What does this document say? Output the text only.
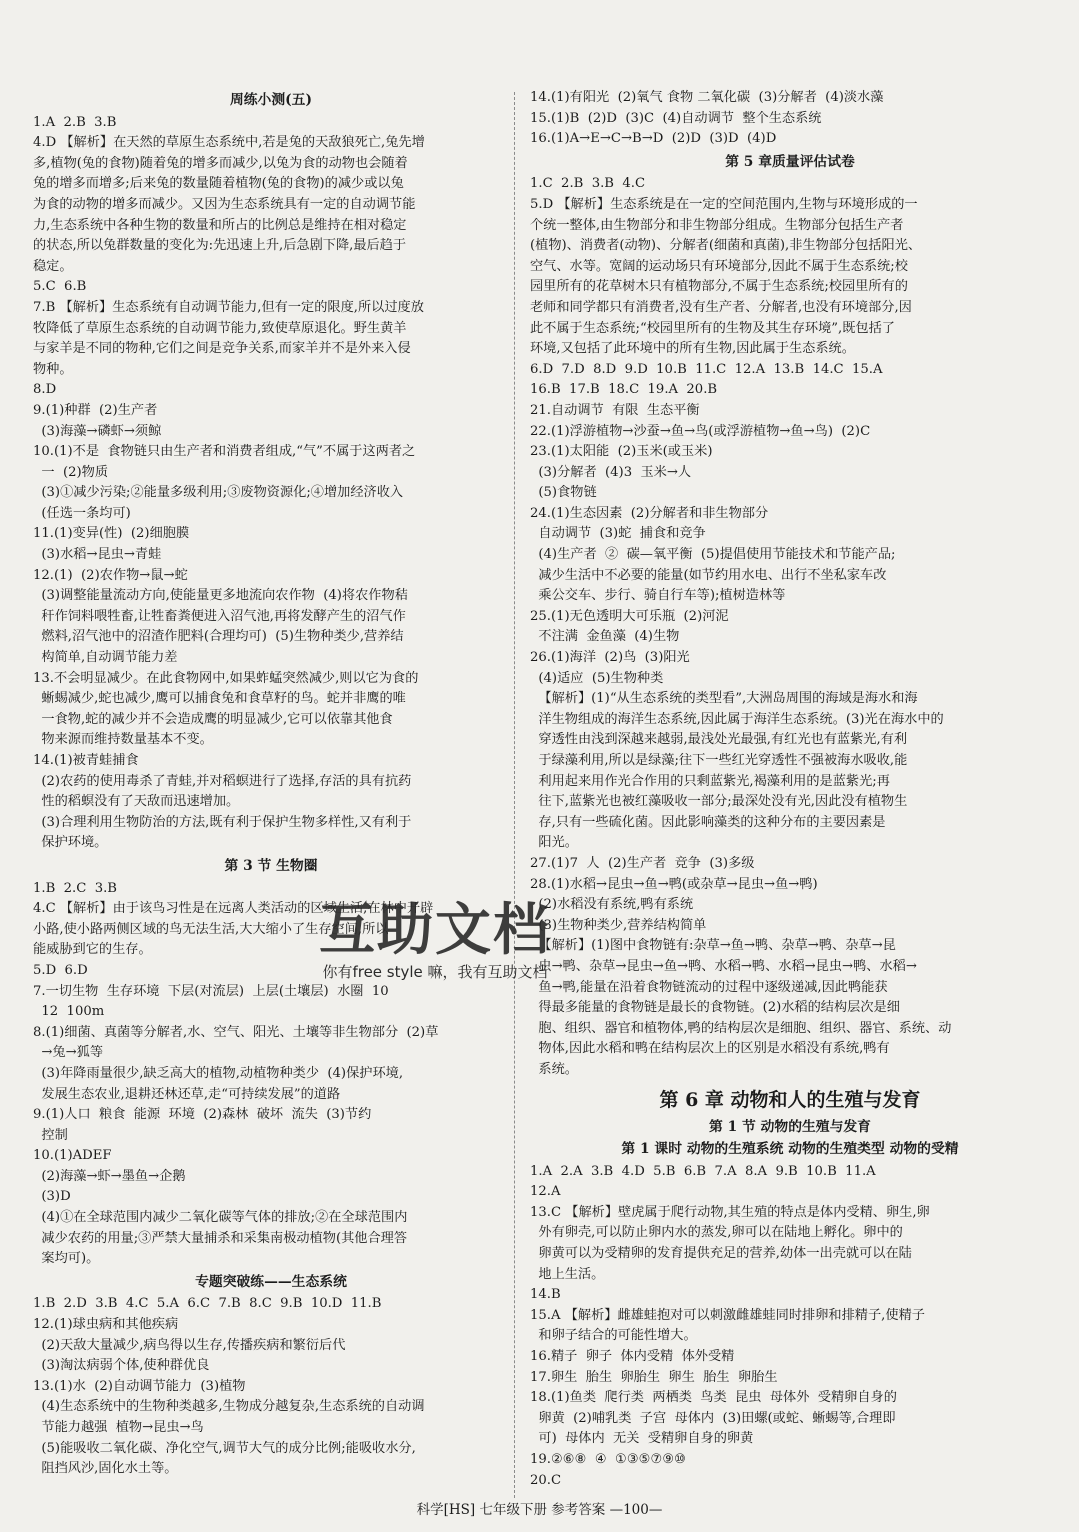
周练小测(五)
1.A  2.B  3.B
4.D 【解析】在天然的草原生态系统中,若是兔的天敌狼死亡,兔先增
多,植物(兔的食物)随着兔的增多而减少,以兔为食的动物也会随着
兔的增多而增多;后来兔的数量随着植物(兔的食物)的减少或以兔
为食的动物的增多而减少。又因为生态系统具有一定的自动调节能
力,生态系统中各种生物的数量和所占的比例总是维持在相对稳定
的状态,所以兔群数量的变化为:先迅速上升,后急剧下降,最后趋于
稳定。
5.C  6.B
7.B 【解析】生态系统有自动调节能力,但有一定的限度,所以过度放
牧降低了草原生态系统的自动调节能力,致使草原退化。野生黄羊
与家羊是不同的物种,它们之间是竞争关系,而家羊并不是外来入侵
物种。
8.D
9.(1)种群  (2)生产者
(3)海藻→磷虾→须鲸
10.(1)不是  食物链只由生产者和消费者组成,“气”不属于这两者之
一  (2)物质
(3)①减少污染;②能量多级利用;③废物资源化;④增加经济收入
(任选一条均可)
11.(1)变异(性)  (2)细胞膜
(3)水稻→昆虫→青蛙
12.(1)  (2)农作物→鼠→蛇
(3)调整能量流动方向,使能量更多地流向农作物  (4)将农作物秸
秆作饲料喂牲畜,让牲畜粪便进入沼气池,再将发酵产生的沼气作
燃料,沼气池中的沼渣作肥料(合理均可)  (5)生物种类少,营养结
构简单,自动调节能力差
13.不会明显减少。在此食物网中,如果蚱蜢突然减少,则以它为食的
蜥蜴减少,蛇也减少,鹰可以捕食兔和食草籽的鸟。蛇并非鹰的唯
一食物,蛇的减少并不会造成鹰的明显减少,它可以依靠其他食
物来源而维持数量基本不变。
14.(1)被青蛙捕食
(2)农药的使用毒杀了青蛙,并对稻螟进行了选择,存活的具有抗药
性的稻螟没有了天敌而迅速增加。
(3)合理利用生物防治的方法,既有利于保护生物多样性,又有利于
保护环境。
第 3 节 生物圈
1.B  2.C  3.B
4.C 【解析】由于该鸟习性是在远离人类活动的区域生活,在林中开辟
小路,使小路两侧区域的鸟无法生活,大大缩小了生存空间,所以
能威胁到它的生存。
5.D  6.D
7.一切生物  生存环境  下层(对流层)  上层(土壤层)  水圈  10
12  100m
8.(1)细菌、真菌等分解者,水、空气、阳光、土壤等非生物部分  (2)草
→兔→狐等
(3)年降雨量很少,缺乏高大的植物,动植物种类少  (4)保护环境,
发展生态农业,退耕还林还草,走“可持续发展”的道路
9.(1)人口  粮食  能源  环境  (2)森林  破坏  流失  (3)节约
控制
10.(1)ADEF
(2)海藻→虾→墨鱼→企鹅
(3)D
(4)①在全球范围内减少二氧化碳等气体的排放;②在全球范围内
减少农药的用量;③严禁大量捕杀和采集南极动植物(其他合理答
案均可)。
专题突破练——生态系统
1.B  2.D  3.B  4.C  5.A  6.C  7.B  8.C  9.B  10.D  11.B
12.(1)球虫病和其他疾病
(2)天敌大量减少,病鸟得以生存,传播疾病和繁衍后代
(3)淘汰病弱个体,使种群优良
13.(1)水  (2)自动调节能力  (3)植物
(4)生态系统中的生物种类越多,生物成分越复杂,生态系统的自动调
节能力越强  植物→昆虫→鸟
(5)能吸收二氧化碳、净化空气,调节大气的成分比例;能吸收水分,
阻挡风沙,固化水土等。
14.(1)有阳光  (2)氧气 食物 二氧化碳  (3)分解者  (4)淡水藻
15.(1)B  (2)D  (3)C  (4)自动调节  整个生态系统
16.(1)A→E→C→B→D  (2)D  (3)D  (4)D
第 5 章质量评估试卷
1.C  2.B  3.B  4.C
5.D 【解析】生态系统是在一定的空间范围内,生物与环境形成的一
个统一整体,由生物部分和非生物部分组成。生物部分包括生产者
(植物)、消费者(动物)、分解者(细菌和真菌),非生物部分包括阳光、
空气、水等。宽阔的运动场只有环境部分,因此不属于生态系统;校
园里所有的花草树木只有植物部分,不属于生态系统;校园里所有的
老师和同学都只有消费者,没有生产者、分解者,也没有环境部分,因
此不属于生态系统;“校园里所有的生物及其生存环境”,既包括了
环境,又包括了此环境中的所有生物,因此属于生态系统。
6.D  7.D  8.D  9.D  10.B  11.C  12.A  13.B  14.C  15.A
16.B  17.B  18.C  19.A  20.B
21.自动调节  有限  生态平衡
22.(1)浮游植物→沙蚕→鱼→鸟(或浮游植物→鱼→鸟)  (2)C
23.(1)太阳能  (2)玉米(或玉米)
(3)分解者  (4)3  玉米→人
(5)食物链
24.(1)生态因素  (2)分解者和非生物部分
自动调节  (3)蛇  捕食和竞争
(4)生产者  ②  碳—氧平衡  (5)提倡使用节能技术和节能产品;
减少生活中不必要的能量(如节约用水电、出行不坐私家车改
乘公交车、步行、骑自行车等);植树造林等
25.(1)无色透明大可乐瓶  (2)河泥
不注满  金鱼藻  (4)生物
26.(1)海洋  (2)鸟  (3)阳光
(4)适应  (5)生物种类
【解析】(1)“从生态系统的类型看”,大洲岛周围的海域是海水和海
洋生物组成的海洋生态系统,因此属于海洋生态系统。(3)光在海水中的
穿透性由浅到深越来越弱,最浅处光最强,有红光也有蓝紫光,有利
于绿藻利用,所以是绿藻;往下一些红光穿透性不强被海水吸收,能
利用起来用作光合作用的只剩蓝紫光,褐藻利用的是蓝紫光;再
往下,蓝紫光也被红藻吸收一部分;最深处没有光,因此没有植物生
存,只有一些硫化菌。因此影响藻类的这种分布的主要因素是
阳光。
27.(1)7  人  (2)生产者  竞争  (3)多级
28.(1)水稻→昆虫→鱼→鸭(或杂草→昆虫→鱼→鸭)
(2)水稻没有系统,鸭有系统
(3)生物种类少,营养结构简单
【解析】(1)图中食物链有:杂草→鱼→鸭、杂草→鸭、杂草→昆
虫→鸭、杂草→昆虫→鱼→鸭、水稻→鸭、水稻→昆虫→鸭、水稻→
鱼→鸭,能量在沿着食物链流动的过程中逐级递减,因此鸭能获
得最多能量的食物链是最长的食物链。(2)水稻的结构层次是细
胞、组织、器官和植物体,鸭的结构层次是细胞、组织、器官、系统、动
物体,因此水稻和鸭在结构层次上的区别是水稻没有系统,鸭有
系统。
第 6 章 动物和人的生殖与发育
第 1 节 动物的生殖与发育
第 1 课时 动物的生殖系统 动物的生殖类型 动物的受精
1.A  2.A  3.B  4.D  5.B  6.B  7.A  8.A  9.B  10.B  11.A
12.A
13.C 【解析】壁虎属于爬行动物,其生殖的特点是体内受精、卵生,卵
外有卵壳,可以防止卵内水的蒸发,卵可以在陆地上孵化。卵中的
卵黄可以为受精卵的发育提供充足的营养,幼体一出壳就可以在陆
地上生活。
14.B
15.A 【解析】雌雄蛙抱对可以刺激雌雄蛙同时排卵和排精子,使精子
和卵子结合的可能性增大。
16.精子  卵子  体内受精  体外受精
17.卵生  胎生  卵胎生  卵生  胎生  卵胎生
18.(1)鱼类  爬行类  两栖类  鸟类  昆虫  母体外  受精卵自身的
卵黄  (2)哺乳类  子宫  母体内  (3)田螺(或蛇、蜥蜴等,合理即
可)  母体内  无关  受精卵自身的卵黄
19.②⑥⑧  ④  ①③⑤⑦⑨⑩
20.C
互助文档
你有free style 嘛，我有互助文档
科学[HS] 七年级下册 参考答案 —100—
